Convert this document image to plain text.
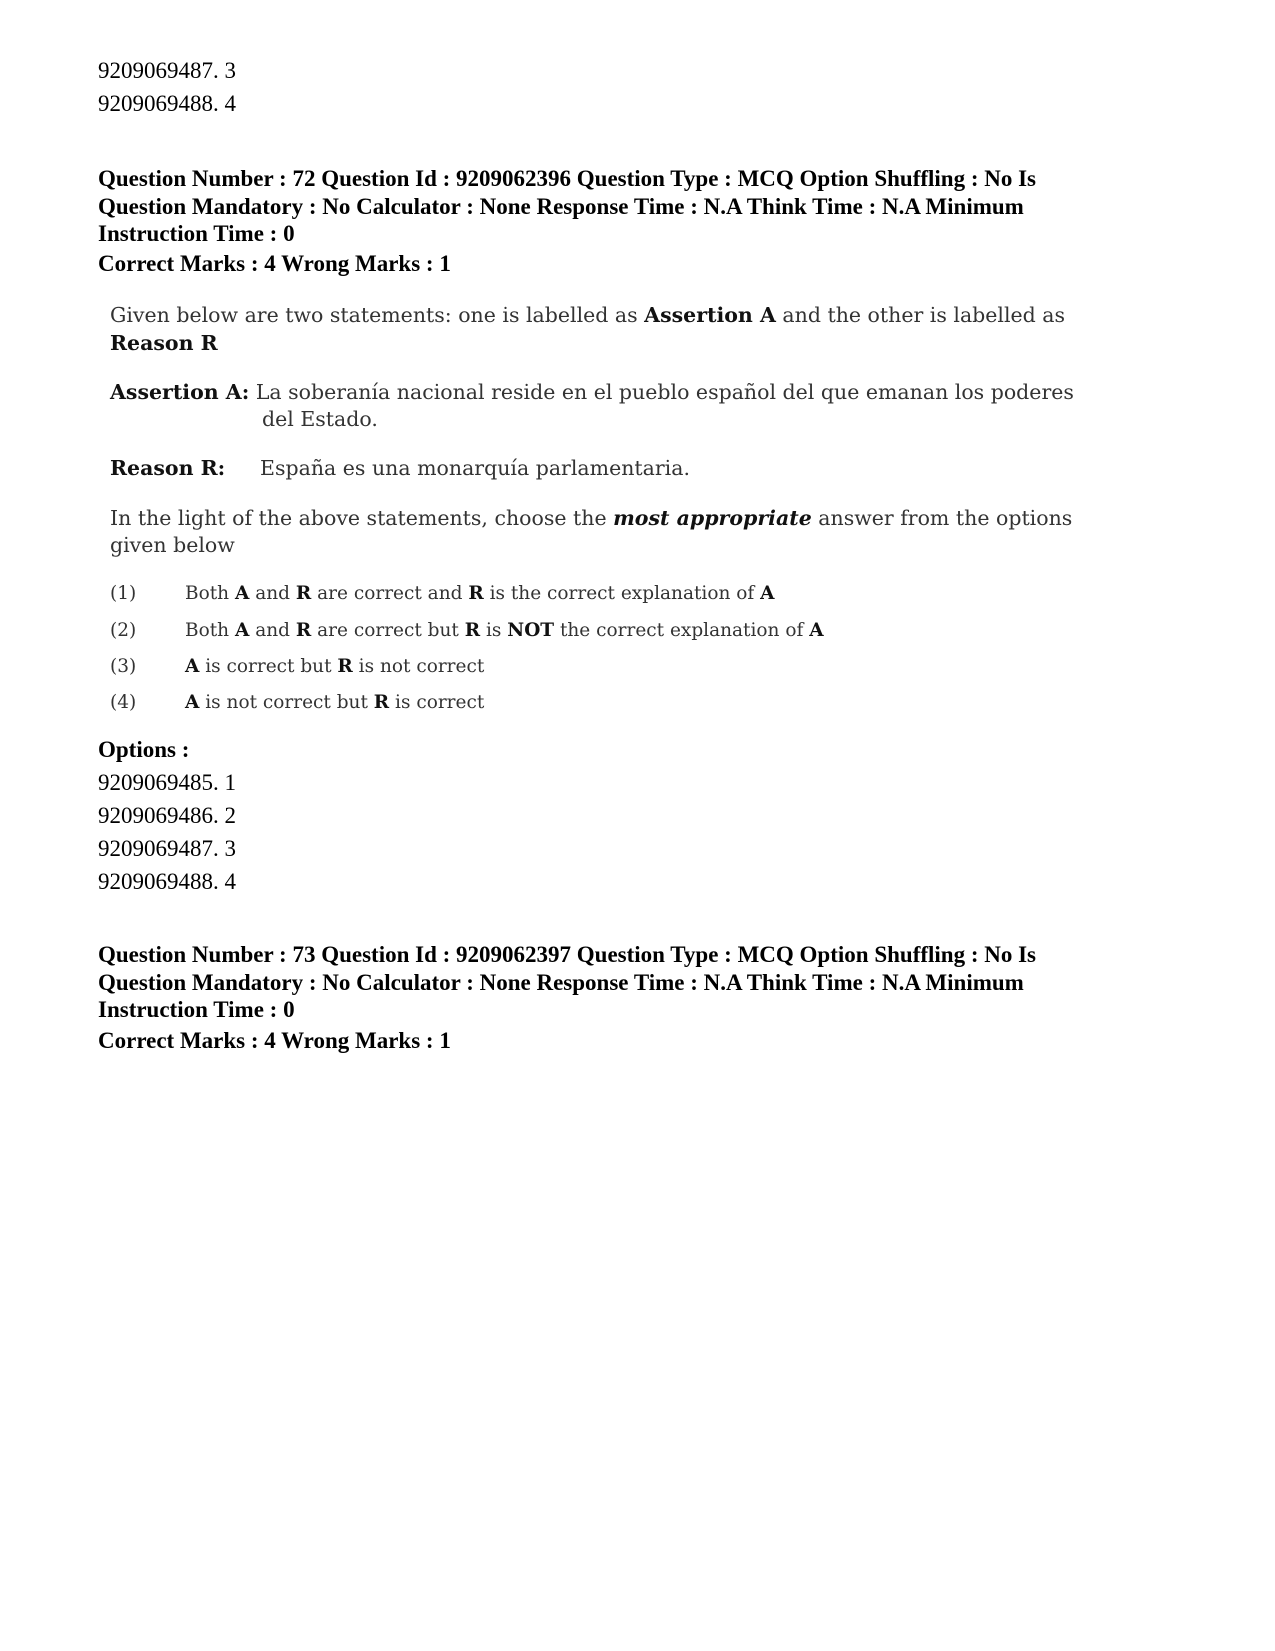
9209069487. 3
9209069488. 4
Question Number : 72 Question Id : 9209062396 Question Type : MCQ Option Shuffling : No Is Question Mandatory : No Calculator : None Response Time : N.A Think Time : N.A Minimum Instruction Time : 0
Correct Marks : 4 Wrong Marks : 1
Given below are two statements: one is labelled as Assertion A and the other is labelled as Reason R
Assertion A: La soberanía nacional reside en el pueblo español del que emanan los poderes
del Estado.
Reason R: España es una monarquía parlamentaria.
In the light of the above statements, choose the most appropriate answer from the options
given below
(1)	Both A and R are correct and R is the correct explanation of A
(2)	Both A and R are correct but R is NOT the correct explanation of A
(3)	A is correct but R is not correct
(4)	A is not correct but R is correct
Options :
9209069485. 1
9209069486. 2
9209069487. 3
9209069488. 4
Question Number : 73 Question Id : 9209062397 Question Type : MCQ Option Shuffling : No Is Question Mandatory : No Calculator : None Response Time : N.A Think Time : N.A Minimum Instruction Time : 0
Correct Marks : 4 Wrong Marks : 1
